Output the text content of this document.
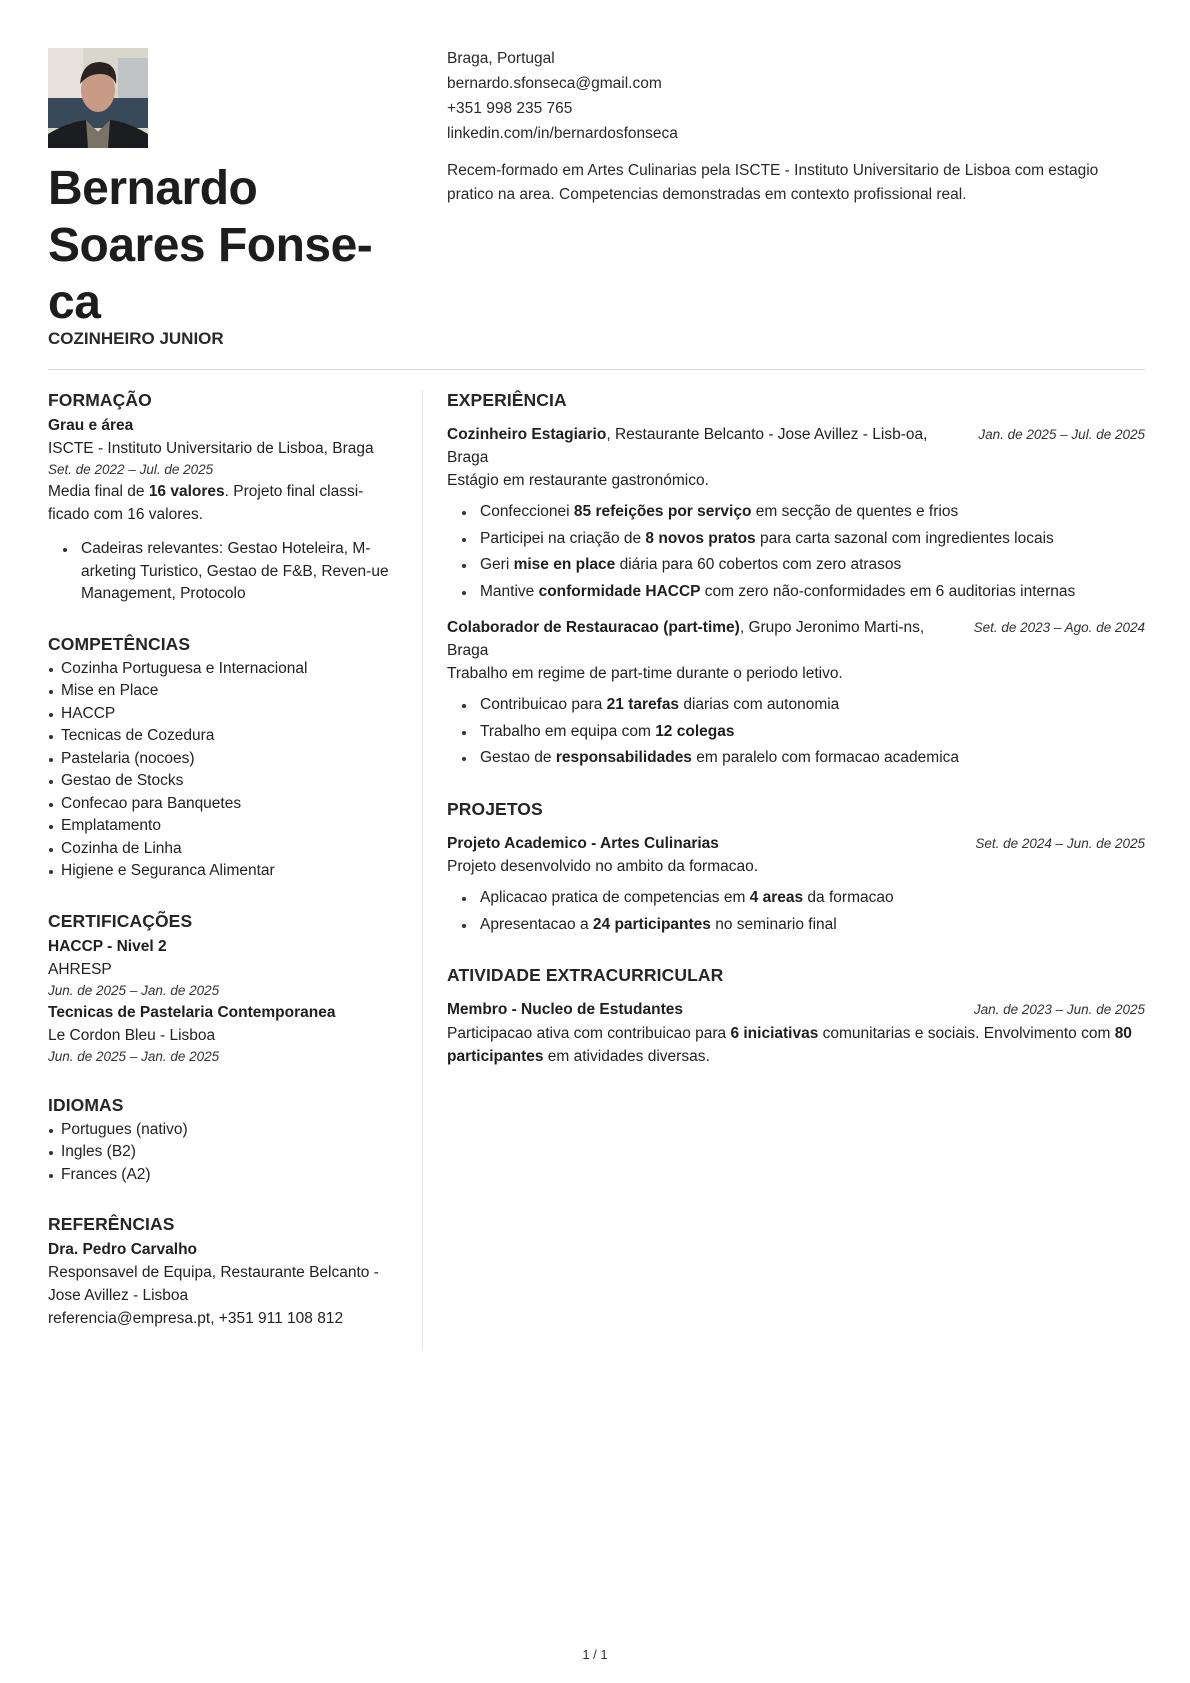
Bernardo
Soares Fonse-
ca
COZINHEIRO JUNIOR
Braga, Portugal
bernardo.sfonseca@gmail.com
+351 998 235 765
linkedin.com/in/bernardosfonseca
Recem-formado em Artes Culinarias pela ISCTE - Instituto Universitario de Lisboa com estagio pratico na area. Competencias demonstradas em contexto profissional real.
FORMAÇÃO
Grau e área
ISCTE - Instituto Universitario de Lisboa, Braga
Set. de 2022 – Jul. de 2025
Media final de 16 valores. Projeto final classi-ficado com 16 valores.
Cadeiras relevantes: Gestao Hoteleira, M-arketing Turistico, Gestao de F&B, Reven-ue Management, Protocolo
COMPETÊNCIAS
Cozinha Portuguesa e Internacional
Mise en Place
HACCP
Tecnicas de Cozedura
Pastelaria (nocoes)
Gestao de Stocks
Confecao para Banquetes
Emplatamento
Cozinha de Linha
Higiene e Seguranca Alimentar
CERTIFICAÇÕES
HACCP - Nivel 2
AHRESP
Jun. de 2025 – Jan. de 2025
Tecnicas de Pastelaria Contemporanea
Le Cordon Bleu - Lisboa
Jun. de 2025 – Jan. de 2025
IDIOMAS
Portugues (nativo)
Ingles (B2)
Frances (A2)
REFERÊNCIAS
Dra. Pedro Carvalho
Responsavel de Equipa, Restaurante Belcanto - Jose Avillez - Lisboa
referencia@empresa.pt, +351 911 108 812
EXPERIÊNCIA
Cozinheiro Estagiario, Restaurante Belcanto - Jose Avillez - Lisb-oa, Braga
Jan. de 2025 – Jul. de 2025
Estágio em restaurante gastronómico.
Confeccionei 85 refeições por serviço em secção de quentes e frios
Participei na criação de 8 novos pratos para carta sazonal com ingredientes locais
Geri mise en place diária para 60 cobertos com zero atrasos
Mantive conformidade HACCP com zero não-conformidades em 6 auditorias internas
Colaborador de Restauracao (part-time), Grupo Jeronimo Marti-ns, Braga
Set. de 2023 – Ago. de 2024
Trabalho em regime de part-time durante o periodo letivo.
Contribuicao para 21 tarefas diarias com autonomia
Trabalho em equipa com 12 colegas
Gestao de responsabilidades em paralelo com formacao academica
PROJETOS
Projeto Academico - Artes Culinarias	Set. de 2024 – Jun. de 2025
Projeto desenvolvido no ambito da formacao.
Aplicacao pratica de competencias em 4 areas da formacao
Apresentacao a 24 participantes no seminario final
ATIVIDADE EXTRACURRICULAR
Membro - Nucleo de Estudantes	Jan. de 2023 – Jun. de 2025
Participacao ativa com contribuicao para 6 iniciativas comunitarias e sociais. Envolvimento com 80 participantes em atividades diversas.
1 / 1
